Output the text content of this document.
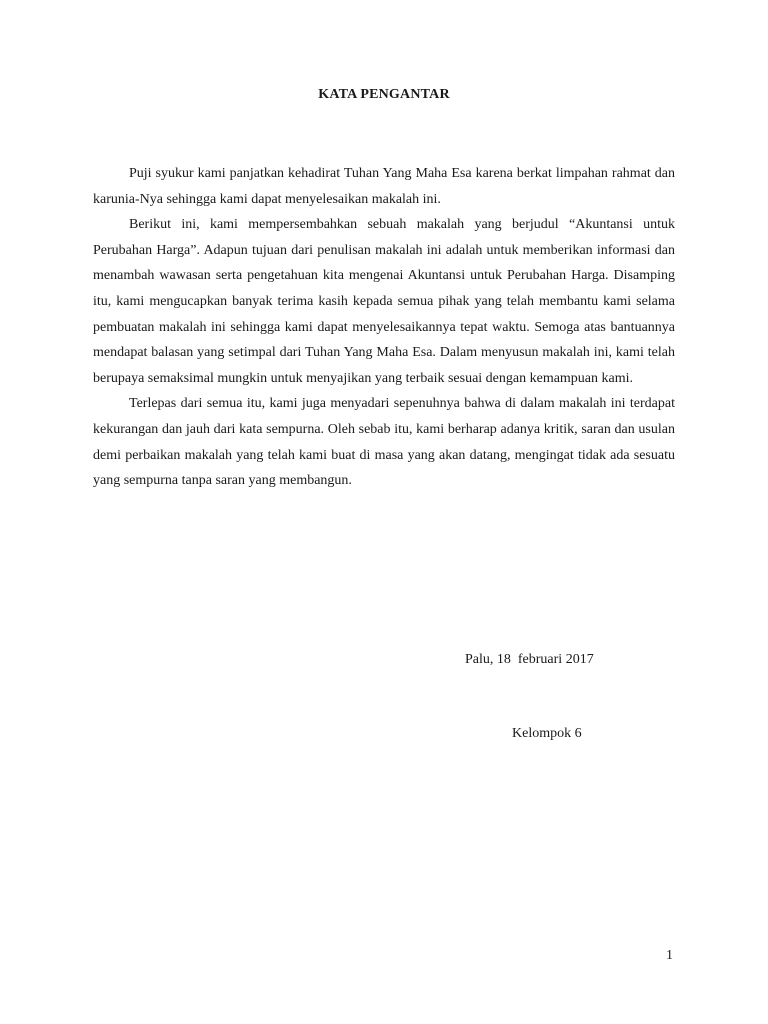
KATA PENGANTAR

Puji syukur kami panjatkan kehadirat Tuhan Yang Maha Esa karena berkat limpahan rahmat dan karunia-Nya sehingga kami dapat menyelesaikan makalah ini.

Berikut ini, kami mempersembahkan sebuah makalah yang berjudul “Akuntansi untuk Perubahan Harga”. Adapun tujuan dari penulisan makalah ini adalah untuk memberikan informasi dan menambah wawasan serta pengetahuan kita mengenai Akuntansi untuk Perubahan Harga. Disamping itu, kami mengucapkan banyak terima kasih kepada semua pihak yang telah membantu kami selama pembuatan makalah ini sehingga kami dapat menyelesaikannya tepat waktu. Semoga atas bantuannya mendapat balasan yang setimpal dari Tuhan Yang Maha Esa. Dalam menyusun makalah ini, kami telah berupaya semaksimal mungkin untuk menyajikan yang terbaik sesuai dengan kemampuan kami.

Terlepas dari semua itu, kami juga menyadari sepenuhnya bahwa di dalam makalah ini terdapat kekurangan dan jauh dari kata sempurna. Oleh sebab itu, kami berharap adanya kritik, saran dan usulan demi perbaikan makalah yang telah kami buat di masa yang akan datang, mengingat tidak ada sesuatu yang sempurna tanpa saran yang membangun.

Palu, 18  februari 2017
Kelompok 6
1
